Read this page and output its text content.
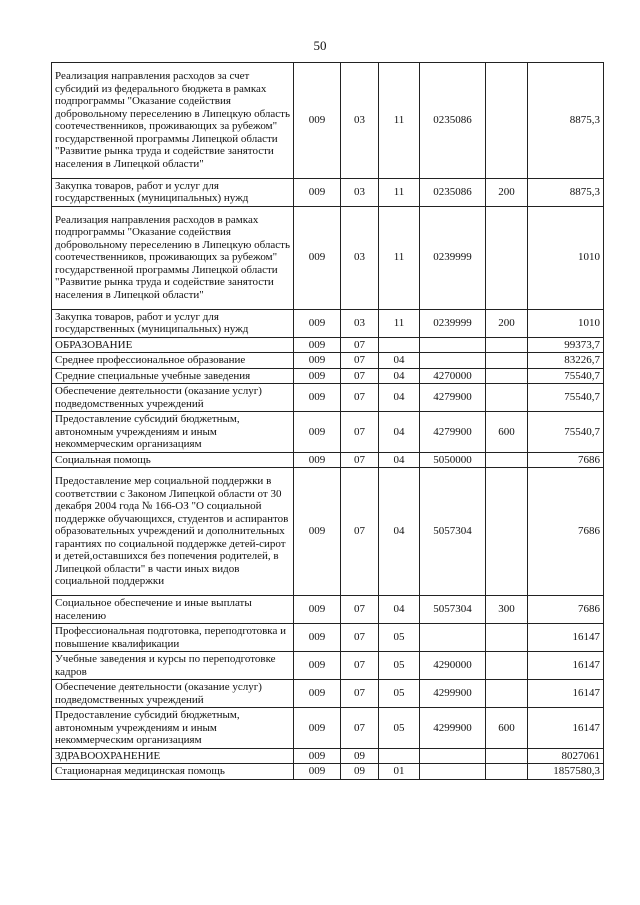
50
Реализация направления расходов за счет субсидий из федерального бюджета в рамках подпрограммы "Оказание содействия добровольному переселению в Липецкую область соотечественников, проживающих за рубежом" государственной программы Липецкой области "Развитие рынка труда и содействие занятости населения в Липецкой области"	009	03	11	0235086		8875,3
Закупка товаров, работ и услуг для государственных (муниципальных) нужд	009	03	11	0235086	200	8875,3
Реализация направления расходов в рамках подпрограммы "Оказание содействия добровольному переселению в Липецкую область соотечественников, проживающих за рубежом" государственной программы Липецкой области "Развитие рынка труда и содействие занятости населения в Липецкой области"	009	03	11	0239999		1010
Закупка товаров, работ и услуг для государственных (муниципальных) нужд	009	03	11	0239999	200	1010
ОБРАЗОВАНИЕ	009	07				99373,7
Среднее профессиональное образование	009	07	04			83226,7
Средние специальные учебные заведения	009	07	04	4270000		75540,7
Обеспечение деятельности (оказание услуг) подведомственных учреждений	009	07	04	4279900		75540,7
Предоставление субсидий бюджетным, автономным учреждениям и иным некоммерческим организациям	009	07	04	4279900	600	75540,7
Социальная помощь	009	07	04	5050000		7686
Предоставление мер социальной поддержки в соответствии с Законом Липецкой области от 30 декабря 2004 года № 166-ОЗ "О социальной поддержке обучающихся, студентов и аспирантов образовательных учреждений и дополнительных гарантиях по социальной поддержке детей-сирот и детей,оставшихся без попечения родителей, в Липецкой области" в части иных видов социальной поддержки	009	07	04	5057304		7686
Социальное обеспечение и иные выплаты населению	009	07	04	5057304	300	7686
Профессиональная подготовка, переподготовка и повышение квалификации	009	07	05			16147
Учебные заведения и курсы по переподготовке кадров	009	07	05	4290000		16147
Обеспечение деятельности (оказание услуг) подведомственных учреждений	009	07	05	4299900		16147
Предоставление субсидий бюджетным, автономным учреждениям и иным некоммерческим организациям	009	07	05	4299900	600	16147
ЗДРАВООХРАНЕНИЕ	009	09				8027061
Стационарная медицинская помощь	009	09	01			1857580,3
